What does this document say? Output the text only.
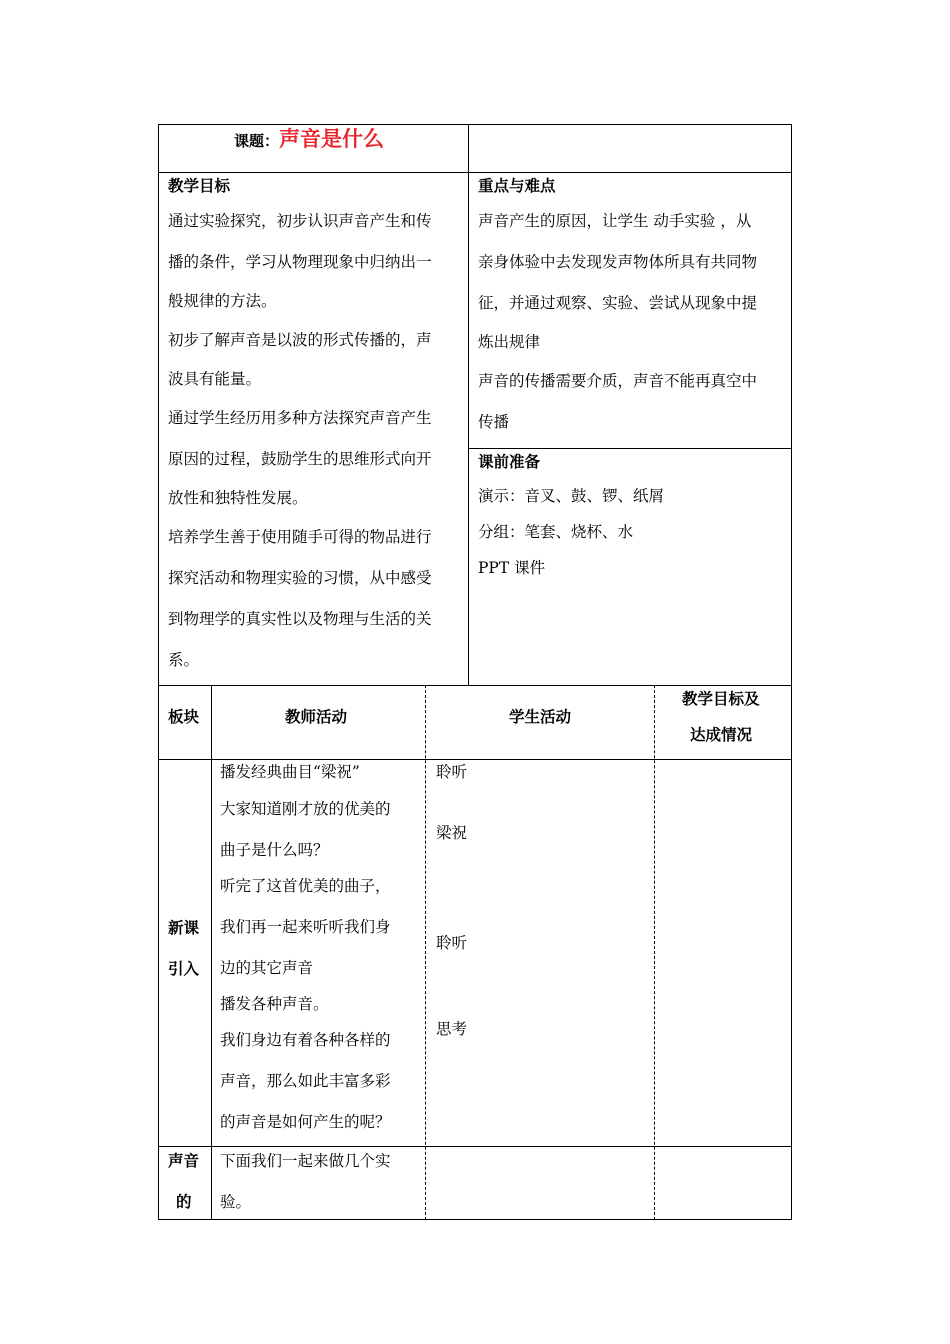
课题：声音是什么
教学目标
通过实验探究，初步认识声音产生和传
播的条件，学习从物理现象中归纳出一
般规律的方法。
初步了解声音是以波的形式传播的，声
波具有能量。
通过学生经历用多种方法探究声音产生
原因的过程，鼓励学生的思维形式向开
放性和独特性发展。
培养学生善于使用随手可得的物品进行
探究活动和物理实验的习惯，从中感受
到物理学的真实性以及物理与生活的关
系。
重点与难点
声音产生的原因，让学生 动手实验 ，从
亲身体验中去发现发声物体所具有共同物
征，并通过观察、实验、尝试从现象中提
炼出规律
声音的传播需要介质，声音不能再真空中
传播
课前准备
演示：音叉、鼓、锣、纸屑
分组：笔套、烧杯、水
PPT 课件
板块	教师活动	学生活动
教学目标及
达成情况
新课
引入
播发经典曲目“梁祝”
大家知道刚才放的优美的
曲子是什么吗？
听完了这首优美的曲子，
我们再一起来听听我们身
边的其它声音
播发各种声音。
我们身边有着各种各样的
声音，那么如此丰富多彩
的声音是如何产生的呢？
聆听
梁祝
聆听
思考
声音
的
下面我们一起来做几个实
验。
